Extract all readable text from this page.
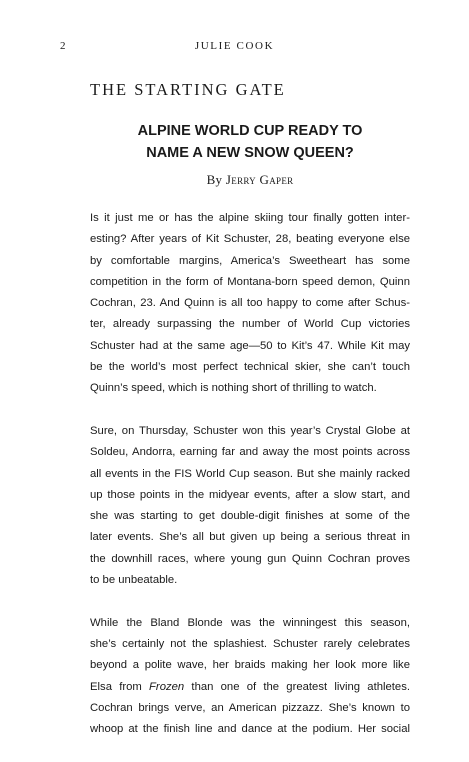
2	JULIE COOK
THE STARTING GATE
ALPINE WORLD CUP READY TO
NAME A NEW SNOW QUEEN?
By Jerry Gaper
Is it just me or has the alpine skiing tour finally gotten inter-
esting? After years of Kit Schuster, 28, beating everyone else
by comfortable margins, America’s Sweetheart has some
competition in the form of Montana-born speed demon, Quinn
Cochran, 23. And Quinn is all too happy to come after Schus-
ter, already surpassing the number of World Cup victories
Schuster had at the same age—50 to Kit’s 47. While Kit may
be the world’s most perfect technical skier, she can’t touch
Quinn’s speed, which is nothing short of thrilling to watch.
Sure, on Thursday, Schuster won this year’s Crystal Globe at
Soldeu, Andorra, earning far and away the most points across
all events in the FIS World Cup season. But she mainly racked
up those points in the midyear events, after a slow start, and
she was starting to get double-digit finishes at some of the
later events. She’s all but given up being a serious threat in
the downhill races, where young gun Quinn Cochran proves
to be unbeatable.
While the Bland Blonde was the winningest this season,
she’s certainly not the splashiest. Schuster rarely celebrates
beyond a polite wave, her braids making her look more like
Elsa from Frozen than one of the greatest living athletes.
Cochran brings verve, an American pizzazz. She’s known to
whoop at the finish line and dance at the podium. Her social
